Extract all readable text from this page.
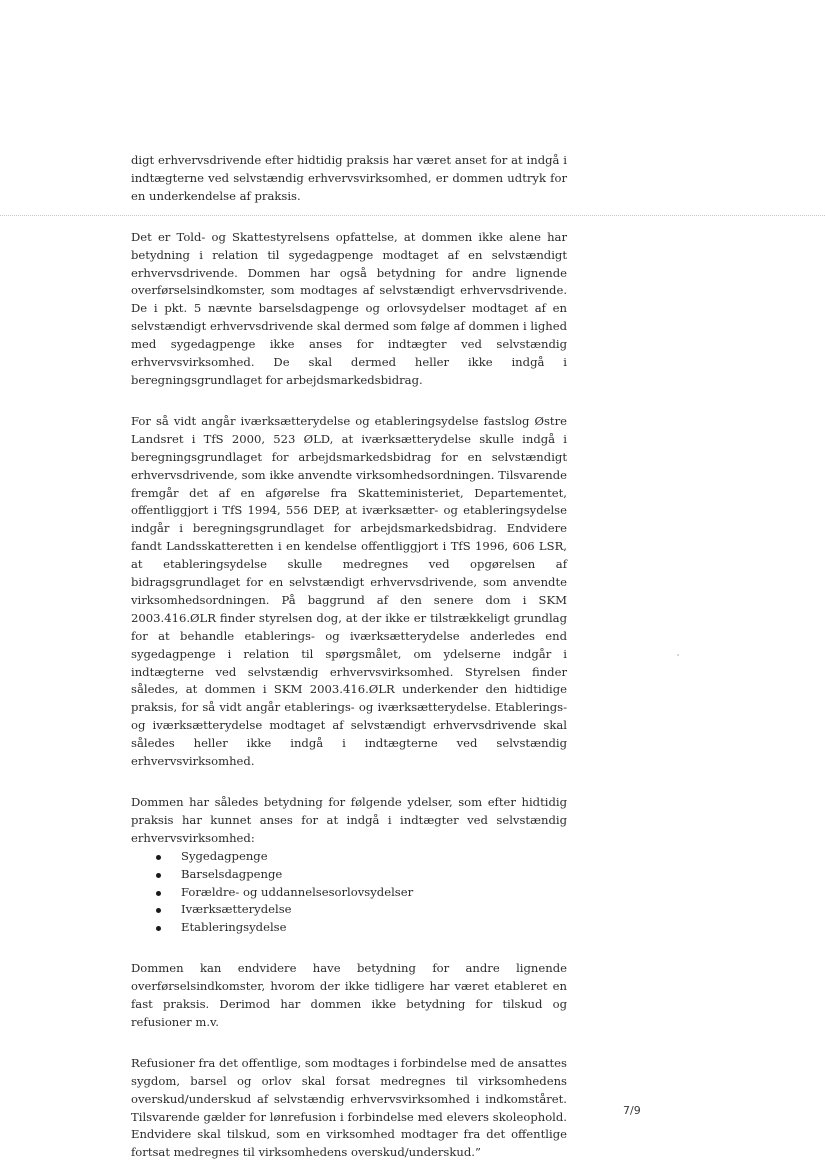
digt erhvervsdrivende efter hidtidig praksis har været anset for at indgå i indtægterne ved selvstændig erhvervsvirksomhed, er dommen udtryk for en underkendelse af praksis.

Det er Told- og Skattestyrelsens opfattelse, at dommen ikke alene har betydning i relation til sygedagpenge modtaget af en selvstændigt erhvervsdrivende. Dommen har også betydning for andre lignende overførselsindkomster, som modtages af selvstændigt erhvervsdrivende. De i pkt. 5 nævnte barselsdagpenge og orlovsydelser modtaget af en selvstændigt erhvervsdrivende skal dermed som følge af dommen i lighed med sygedagpenge ikke anses for indtægter ved selvstændig erhvervsvirksomhed. De skal dermed heller ikke indgå i beregningsgrundlaget for arbejdsmarkedsbidrag.

For så vidt angår iværksætterydelse og etableringsydelse fastslog Østre Landsret i TfS 2000, 523 ØLD, at iværksætterydelse skulle indgå i beregningsgrundlaget for arbejdsmarkedsbidrag for en selvstændigt erhvervsdrivende, som ikke anvendte virksomhedsordningen. Tilsvarende fremgår det af en afgørelse fra Skatteministeriet, Departementet, offentliggjort i TfS 1994, 556 DEP, at iværksætter- og etableringsydelse indgår i beregningsgrundlaget for arbejdsmarkedsbidrag. Endvidere fandt Landsskatteretten i en kendelse offentliggjort i TfS 1996, 606 LSR, at etableringsydelse skulle medregnes ved opgørelsen af bidragsgrundlaget for en selvstændigt erhvervsdrivende, som anvendte virksomhedsordningen. På baggrund af den senere dom i SKM 2003.416.ØLR finder styrelsen dog, at der ikke er tilstrækkeligt grundlag for at behandle etablerings- og iværksætterydelse anderledes end sygedagpenge i relation til spørgsmålet, om ydelserne indgår i indtægterne ved selvstændig erhvervsvirksomhed. Styrelsen finder således, at dommen i SKM 2003.416.ØLR underkender den hidtidige praksis, for så vidt angår etablerings- og iværksætterydelse. Etablerings- og iværksætterydelse modtaget af selvstændigt erhvervsdrivende skal således heller ikke indgå i indtægterne ved selvstændig erhvervsvirksomhed.

Dommen har således betydning for følgende ydelser, som efter hidtidig praksis har kunnet anses for at indgå i indtægter ved selvstændig erhvervsvirksomhed:

Sygedagpenge
Barselsdagpenge
Forældre- og uddannelsesorlovsydelser
Iværksætterydelse
Etableringsydelse

Dommen kan endvidere have betydning for andre lignende overførselsindkomster, hvorom der ikke tidligere har været etableret en fast praksis. Derimod har dommen ikke betydning for tilskud og refusioner m.v.

Refusioner fra det offentlige, som modtages i forbindelse med de ansattes sygdom, barsel og orlov skal forsat medregnes til virksomhedens overskud/underskud af selvstændig erhvervsvirksomhed i indkomståret. Tilsvarende gælder for lønrefusion i forbindelse med elevers skoleophold. Endvidere skal tilskud, som en virksomhed modtager fra det offentlige fortsat medregnes til virksomhedens overskud/underskud.”

7/9
